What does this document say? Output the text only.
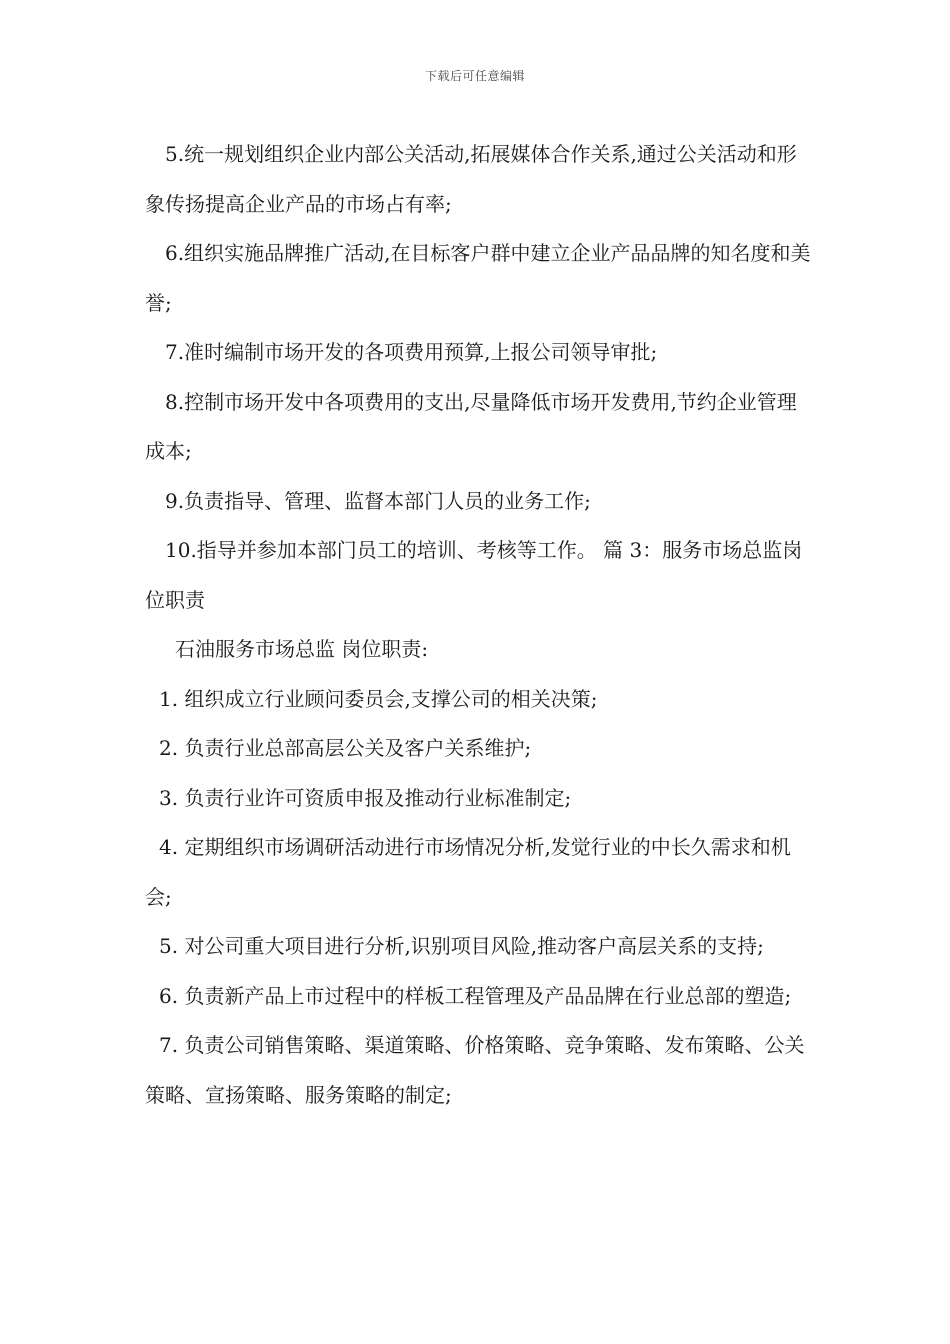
下载后可任意编辑

5.统一规划组织企业内部公关活动,拓展媒体合作关系,通过公关活动和形象传扬提高企业产品的市场占有率;

6.组织实施品牌推广活动,在目标客户群中建立企业产品品牌的知名度和美誉;

7.准时编制市场开发的各项费用预算,上报公司领导审批;

8.控制市场开发中各项费用的支出,尽量降低市场开发费用,节约企业管理成本;

9.负责指导、管理、监督本部门人员的业务工作;

10.指导并参加本部门员工的培训、考核等工作。 篇 3：服务市场总监岗位职责

石油服务市场总监 岗位职责:

1. 组织成立行业顾问委员会,支撑公司的相关决策;

2. 负责行业总部高层公关及客户关系维护;

3. 负责行业许可资质申报及推动行业标准制定;

4. 定期组织市场调研活动进行市场情况分析,发觉行业的中长久需求和机会;

5. 对公司重大项目进行分析,识别项目风险,推动客户高层关系的支持;

6. 负责新产品上市过程中的样板工程管理及产品品牌在行业总部的塑造;

7. 负责公司销售策略、渠道策略、价格策略、竞争策略、发布策略、公关策略、宣扬策略、服务策略的制定;
